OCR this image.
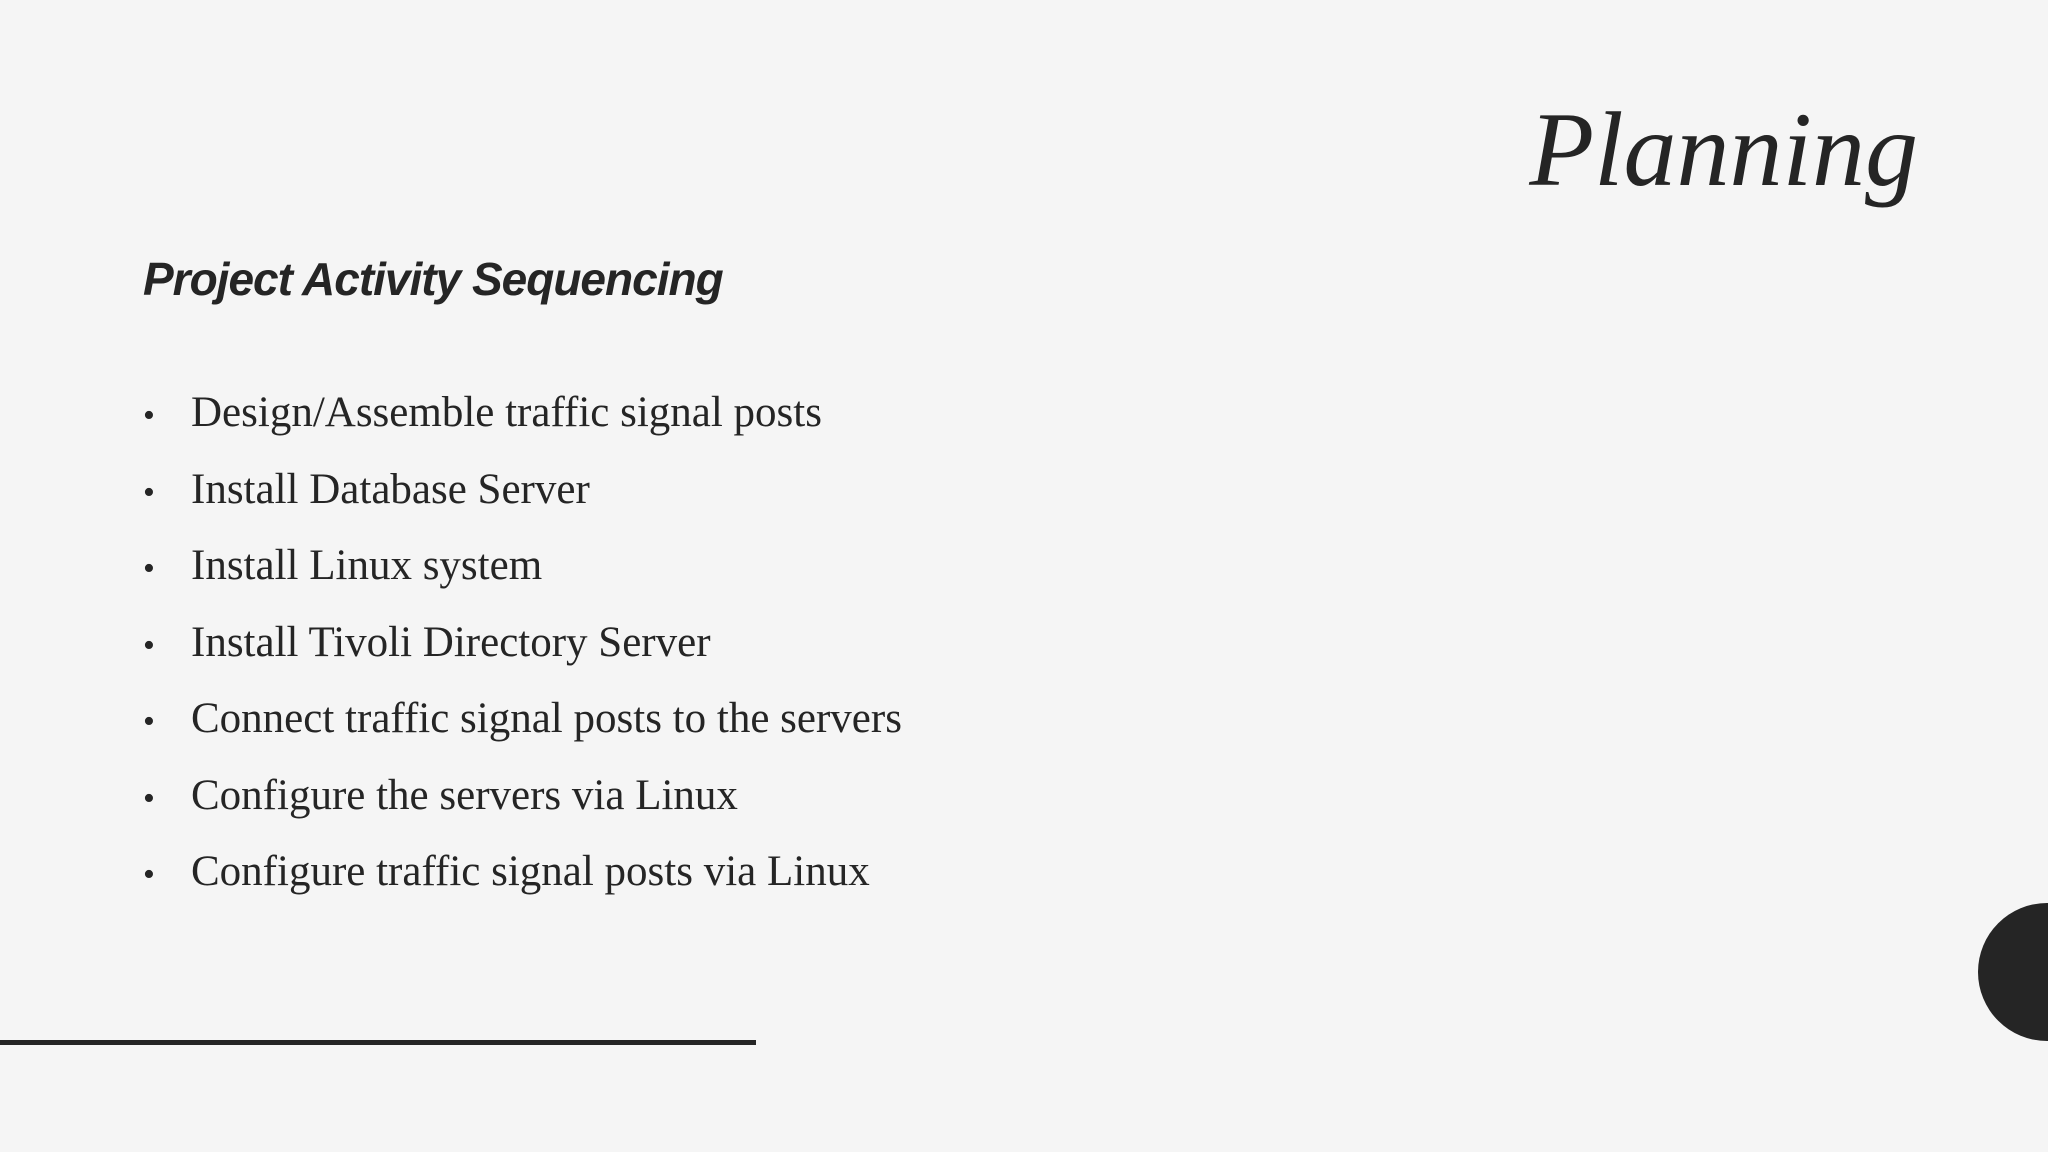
Planning
Project Activity Sequencing
• Design/Assemble traffic signal posts
• Install Database Server
• Install Linux system
• Install Tivoli Directory Server
• Connect traffic signal posts to the servers
• Configure the servers via Linux
• Configure traffic signal posts via Linux
